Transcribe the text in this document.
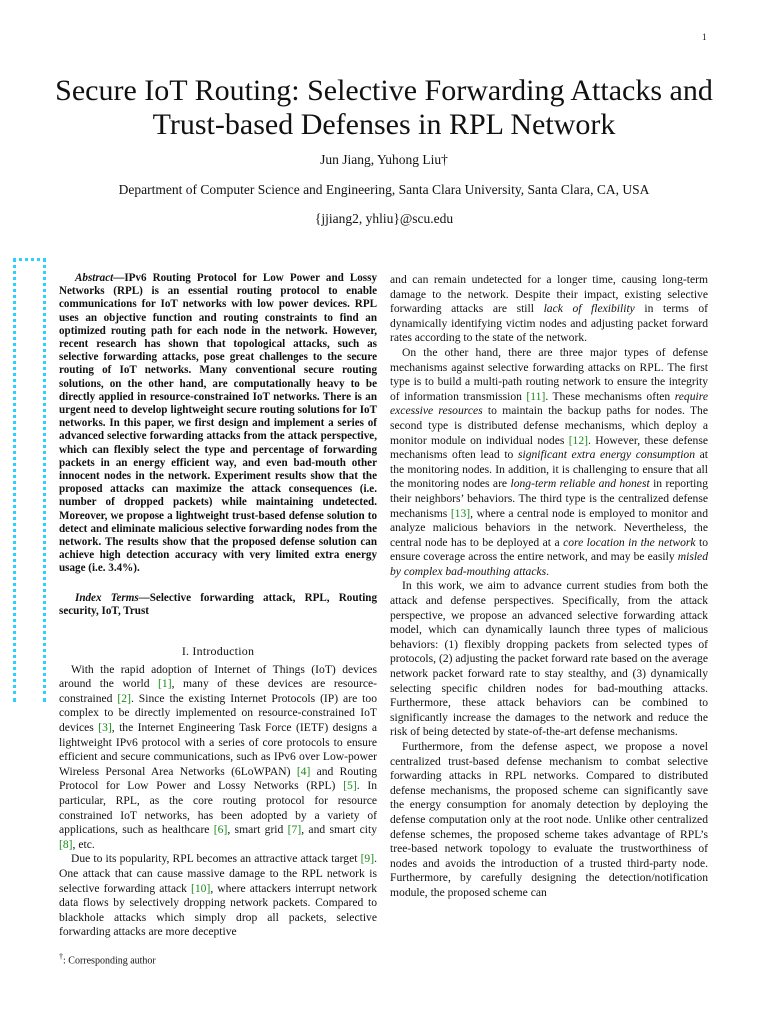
1
Secure IoT Routing: Selective Forwarding Attacks and Trust-based Defenses in RPL Network
Jun Jiang, Yuhong Liu†
Department of Computer Science and Engineering, Santa Clara University, Santa Clara, CA, USA
{jjiang2, yhliu}@scu.edu
Abstract—IPv6 Routing Protocol for Low Power and Lossy Networks (RPL) is an essential routing protocol to enable communications for IoT networks with low power devices. RPL uses an objective function and routing constraints to find an optimized routing path for each node in the network. However, recent research has shown that topological attacks, such as selective forwarding attacks, pose great challenges to the secure routing of IoT networks. Many conventional secure routing solutions, on the other hand, are computationally heavy to be directly applied in resource-constrained IoT networks. There is an urgent need to develop lightweight secure routing solutions for IoT networks. In this paper, we first design and implement a series of advanced selective forwarding attacks from the attack perspective, which can flexibly select the type and percentage of forwarding packets in an energy efficient way, and even bad-mouth other innocent nodes in the network. Experiment results show that the proposed attacks can maximize the attack consequences (i.e. number of dropped packets) while maintaining undetected. Moreover, we propose a lightweight trust-based defense solution to detect and eliminate malicious selective forwarding nodes from the network. The results show that the proposed defense solution can achieve high detection accuracy with very limited extra energy usage (i.e. 3.4%).
Index Terms—Selective forwarding attack, RPL, Routing security, IoT, Trust
I. Introduction

With the rapid adoption of Internet of Things (IoT) devices around the world [1], many of these devices are resource-constrained [2]. Since the existing Internet Protocols (IP) are too complex to be directly implemented on resource-constrained IoT devices [3], the Internet Engineering Task Force (IETF) designs a lightweight IPv6 protocol with a series of core protocols to ensure efficient and secure communications, such as IPv6 over Low-power Wireless Personal Area Networks (6LoWPAN) [4] and Routing Protocol for Low Power and Lossy Networks (RPL) [5]. In particular, RPL, as the core routing protocol for resource constrained IoT networks, has been adopted by a variety of applications, such as healthcare [6], smart grid [7], and smart city [8], etc.

Due to its popularity, RPL becomes an attractive attack target [9]. One attack that can cause massive damage to the RPL network is selective forwarding attack [10], where attackers interrupt network data flows by selectively dropping network packets. Compared to blackhole attacks which simply drop all packets, selective forwarding attacks are more deceptive

and can remain undetected for a longer time, causing long-term damage to the network. Despite their impact, existing selective forwarding attacks are still lack of flexibility in terms of dynamically identifying victim nodes and adjusting packet forward rates according to the state of the network.

On the other hand, there are three major types of defense mechanisms against selective forwarding attacks on RPL. The first type is to build a multi-path routing network to ensure the integrity of information transmission [11]. These mechanisms often require excessive resources to maintain the backup paths for nodes. The second type is distributed defense mechanisms, which deploy a monitor module on individual nodes [12]. However, these defense mechanisms often lead to significant extra energy consumption at the monitoring nodes. In addition, it is challenging to ensure that all the monitoring nodes are long-term reliable and honest in reporting their neighbors’ behaviors. The third type is the centralized defense mechanisms [13], where a central node is employed to monitor and analyze malicious behaviors in the network. Nevertheless, the central node has to be deployed at a core location in the network to ensure coverage across the entire network, and may be easily misled by complex bad-mouthing attacks.

In this work, we aim to advance current studies from both the attack and defense perspectives. Specifically, from the attack perspective, we propose an advanced selective forwarding attack model, which can dynamically launch three types of malicious behaviors: (1) flexibly dropping packets from selected types of protocols, (2) adjusting the packet forward rate based on the average network packet forward rate to stay stealthy, and (3) dynamically selecting specific children nodes for bad-mouthing attacks. Furthermore, these attack behaviors can be combined to significantly increase the damages to the network and reduce the risk of being detected by state-of-the-art defense mechanisms.

Furthermore, from the defense aspect, we propose a novel centralized trust-based defense mechanism to combat selective forwarding attacks in RPL networks. Compared to distributed defense mechanisms, the proposed scheme can significantly save the energy consumption for anomaly detection by deploying the defense computation only at the root node. Unlike other centralized defense schemes, the proposed scheme takes advantage of RPL’s tree-based network topology to evaluate the trustworthiness of nodes and avoids the introduction of a trusted third-party node. Furthermore, by carefully designing the detection/notification module, the proposed scheme can

†: Corresponding author
